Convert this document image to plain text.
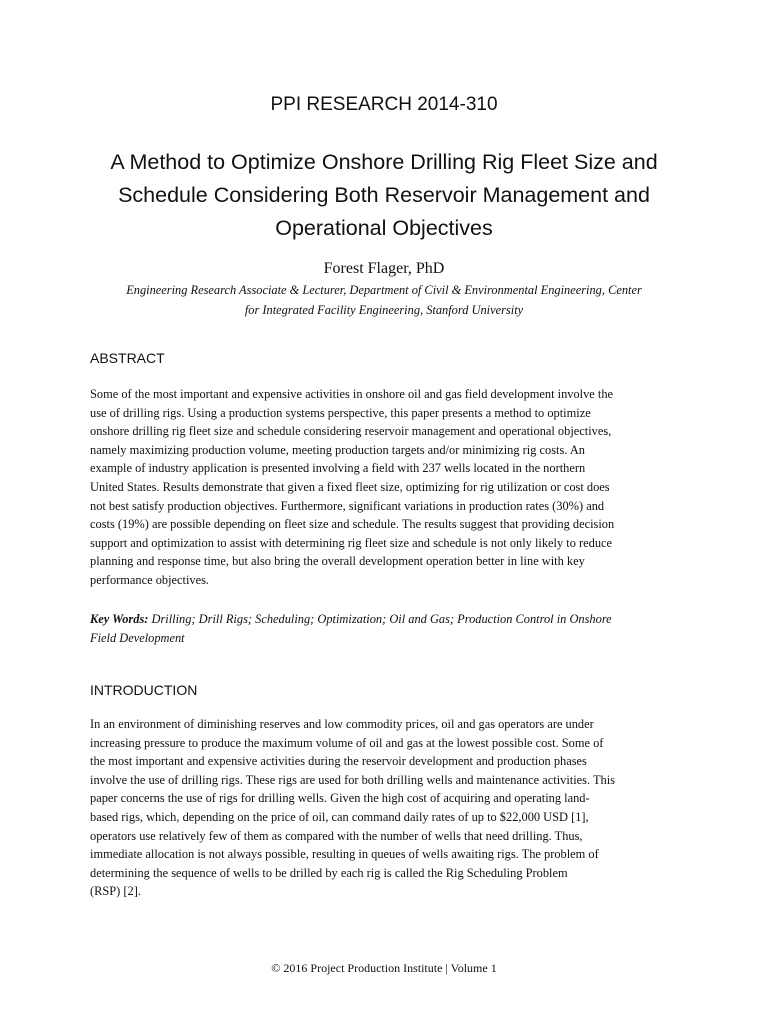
PPI RESEARCH 2014-310
A Method to Optimize Onshore Drilling Rig Fleet Size and
Schedule Considering Both Reservoir Management and
Operational Objectives
Forest Flager, PhD
Engineering Research Associate & Lecturer, Department of Civil & Environmental Engineering, Center
for Integrated Facility Engineering, Stanford University
ABSTRACT
Some of the most important and expensive activities in onshore oil and gas field development involve the
use of drilling rigs. Using a production systems perspective, this paper presents a method to optimize
onshore drilling rig fleet size and schedule considering reservoir management and operational objectives,
namely maximizing production volume, meeting production targets and/or minimizing rig costs. An
example of industry application is presented involving a field with 237 wells located in the northern
United States. Results demonstrate that given a fixed fleet size, optimizing for rig utilization or cost does
not best satisfy production objectives. Furthermore, significant variations in production rates (30%) and
costs (19%) are possible depending on fleet size and schedule. The results suggest that providing decision
support and optimization to assist with determining rig fleet size and schedule is not only likely to reduce
planning and response time, but also bring the overall development operation better in line with key
performance objectives.
Key Words: Drilling; Drill Rigs; Scheduling; Optimization; Oil and Gas; Production Control in Onshore
Field Development
INTRODUCTION
In an environment of diminishing reserves and low commodity prices, oil and gas operators are under
increasing pressure to produce the maximum volume of oil and gas at the lowest possible cost. Some of
the most important and expensive activities during the reservoir development and production phases
involve the use of drilling rigs. These rigs are used for both drilling wells and maintenance activities. This
paper concerns the use of rigs for drilling wells. Given the high cost of acquiring and operating land-
based rigs, which, depending on the price of oil, can command daily rates of up to $22,000 USD [1],
operators use relatively few of them as compared with the number of wells that need drilling. Thus,
immediate allocation is not always possible, resulting in queues of wells awaiting rigs. The problem of
determining the sequence of wells to be drilled by each rig is called the Rig Scheduling Problem
(RSP) [2].
© 2016 Project Production Institute | Volume 1
